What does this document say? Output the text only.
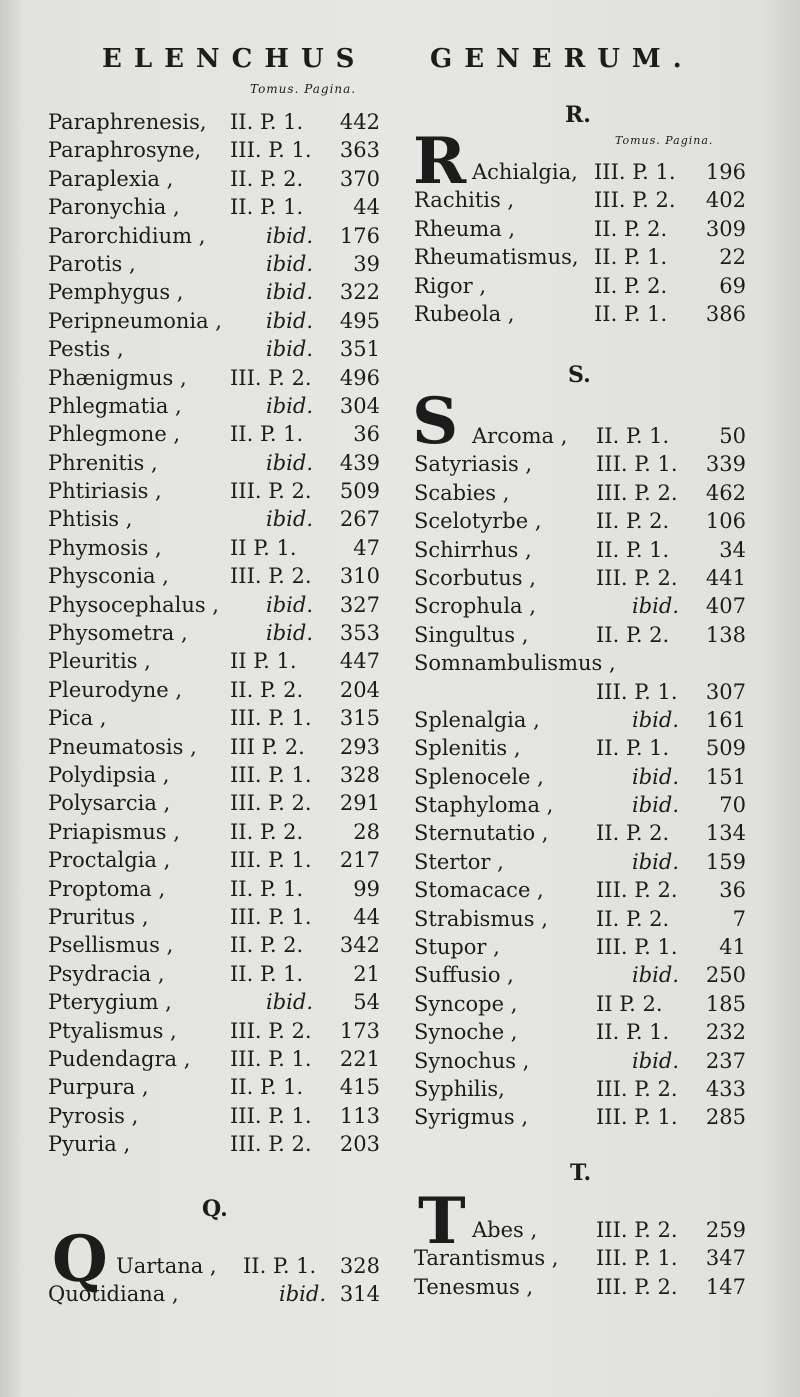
ELENCHUS GENERUM.
Tomus. Pagina.
Paraphrenesis, II. P. 1. 442
Paraphrosyne, III. P. 1. 363
Paraplexia ,	II. P. 2. 370
Paronychia , II. P. 1. 44
Parorchidium ,	ibid. 176
Parotis ,	ibid. 39
Pemphygus ,	ibid. 322
Peripneumonia , ibid. 495
Pestis ,	ibid. 351
Phænigmus , III. P. 2. 496
Phlegmatia ,	ibid. 304
Phlegmone , II. P. 1. 36
Phrenitis ,	ibid. 439
Phtiriasis ,	III. P. 2. 509
Phtisis ,	ibid. 267
Phymosis ,	II P. 1.	47
Physconia ,	III. P. 2. 310
Physocephalus , ibid. 327
Physometra ,	ibid. 353
Pleuritis ,	II P. 1. 447
Pleurodyne , II. P. 2. 204
Pica ,	III. P. 1. 315
Pneumatosis , III P. 2. 293
Polydipsia ,	III. P. 1. 328
Polysarcia ,	III. P. 2. 291
Priapismus , II. P. 2. 28
Proctalgia ,	III. P. 1. 217
Proptoma ,	II. P. 1. 99
Pruritus ,	III. P. 1. 44
Psellismus ,	II. P. 2. 342
Psydracia ,	II. P. 1. 21
Pterygium ,	ibid. 54
Ptyalismus ,	III. P. 2. 173
Pudendagra , III. P. 1. 221
Purpura ,	II. P. 1. 415
Pyrosis ,	III. P. 1. 113
Pyuria ,	III. P. 2. 203
Q.
Q Uartana , II. P. 1. 328
Quotidiana ,	ibid. 314
R.
Tomus. Pagina.
R Achialgia, III. P. 1. 196
Rachitis ,	III. P. 2. 402
Rheuma ,	II. P. 2. 309
Rheumatismus, II. P. 1. 22
Rigor ,	II. P. 2. 69
Rubeola ,	II. P. 1. 386
S.
S Arcoma , II. P. 1. 50
Satyriasis ,	III. P. 1. 339
Scabies ,	III. P. 2. 462
Scelotyrbe ,	II. P. 2. 106
Schirrhus ,	II. P. 1. 34
Scorbutus ,	III. P. 2. 441
Scrophula ,	ibid. 407
Singultus ,	II. P. 2. 138
Somnambulismus ,
III. P. 1. 307
Splenalgia ,	ibid. 161
Splenitis ,	II. P. 1. 509
Splenocele ,	ibid. 151
Staphyloma ,	ibid. 70
Sternutatio , II. P. 2. 134
Stertor ,	ibid. 159
Stomacace , III. P. 2. 36
Strabismus , II. P. 2.	7
Stupor ,	III. P. 1. 41
Suffusio ,	ibid. 250
Syncope ,	II P. 2. 185
Synoche ,	II. P. 1. 232
Synochus ,	ibid. 237
Syphilis,	III. P. 2. 433
Syrigmus ,	III. P. 1. 285
T.
T Abes ,	III. P. 2. 259
Tarantismus , III. P. 1. 347
Tenesmus ,	III. P. 2. 147
